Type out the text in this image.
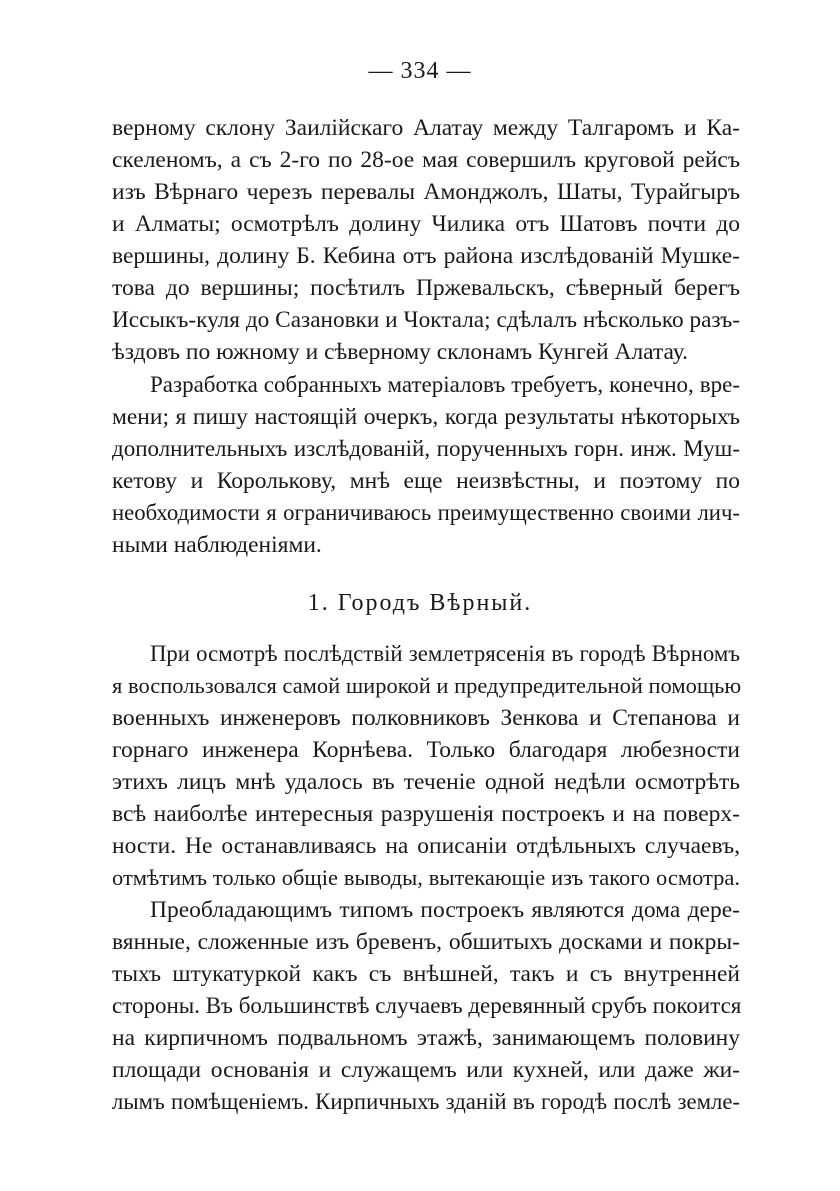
— 334 —
верному склону Заилійскаго Алатау между Талгаромъ и Ка-
скеленомъ, а съ 2-го по 28-ое мая совершилъ круговой рейсъ
изъ Вѣрнаго черезъ перевалы Амонджолъ, Шаты, Турайгыръ
и Алматы; осмотрѣлъ долину Чилика отъ Шатовъ почти до
вершины, долину Б. Кебина отъ района изслѣдованій Мушке-
това до вершины; посѣтилъ Пржевальскъ, сѣверный берегъ
Иссыкъ-куля до Сазановки и Чоктала; сдѣлалъ нѣсколько разъ-
ѣздовъ по южному и сѣверному склонамъ Кунгей Алатау.
Разработка собранныхъ матеріаловъ требуетъ, конечно, вре-
мени; я пишу настоящій очеркъ, когда результаты нѣкоторыхъ
дополнительныхъ изслѣдованій, порученныхъ горн. инж. Муш-
кетову и Королькову, мнѣ еще неизвѣстны, и поэтому по
необходимости я ограничиваюсь преимущественно своими лич-
ными наблюденіями.
1. Городъ Вѣрный.
При осмотрѣ послѣдствій землетрясенія въ городѣ Вѣрномъ
я воспользовался самой широкой и предупредительной помощью
военныхъ инженеровъ полковниковъ Зенкова и Степанова и
горнаго инженера Корнѣева. Только благодаря любезности
этихъ лицъ мнѣ удалось въ теченіе одной недѣли осмотрѣть
всѣ наиболѣе интересныя разрушенія построекъ и на поверх-
ности. Не останавливаясь на описаніи отдѣльныхъ случаевъ,
отмѣтимъ только общіе выводы, вытекающіе изъ такого осмотра.
Преобладающимъ типомъ построекъ являются дома дере-
вянные, сложенные изъ бревенъ, обшитыхъ досками и покры-
тыхъ штукатуркой какъ съ внѣшней, такъ и съ внутренней
стороны. Въ большинствѣ случаевъ деревянный срубъ покоится
на кирпичномъ подвальномъ этажѣ, занимающемъ половину
площади основанія и служащемъ или кухней, или даже жи-
лымъ помѣщеніемъ. Кирпичныхъ зданій въ городѣ послѣ земле-
